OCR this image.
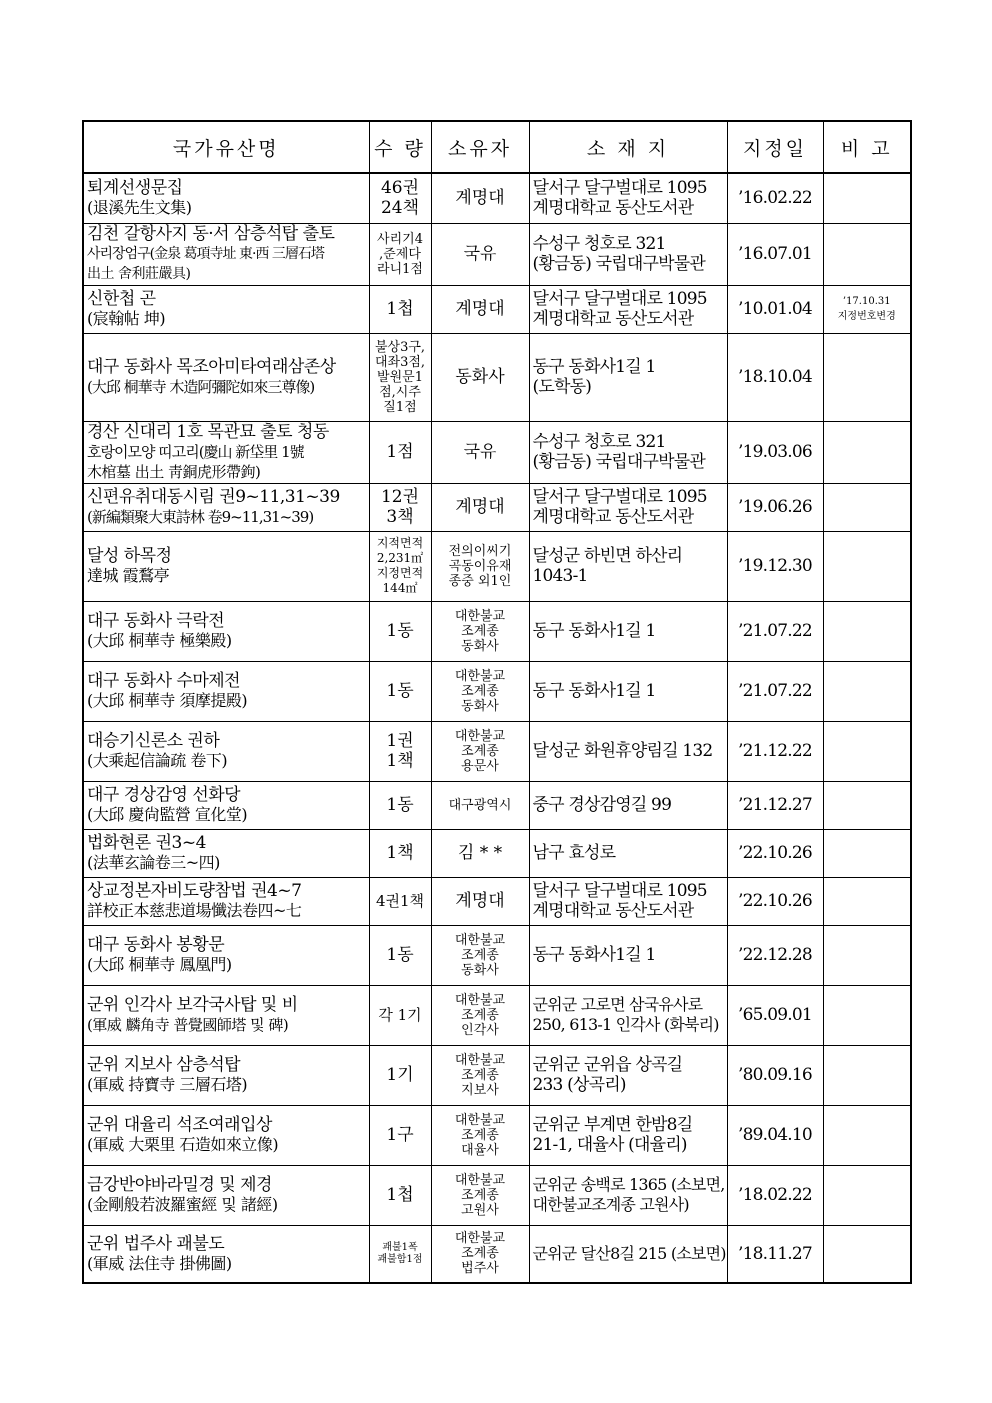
국가유산명	수 량	소유자	소 재 지	지정일	비 고

퇴계선생문집
(退溪先生文集)	46권
24책	계명대	달서구 달구벌대로 1095
계명대학교 동산도서관	’16.02.22	

김천 갈항사지 동·서 삼층석탑 출토
사리장엄구(金泉 葛項寺址 東·西 三層石塔
出土 舍利莊嚴具)	사리기4
,준제다
라니1점	국유	수성구 청호로 321
(황금동) 국립대구박물관	’16.07.01	

신한첩 곤
(宸翰帖 坤)	1첩	계명대	달서구 달구벌대로 1095
계명대학교 동산도서관	’10.01.04	’17.10.31
지정번호변경

대구 동화사 목조아미타여래삼존상
(大邱 桐華寺 木造阿彌陀如來三尊像)	불상3구,
대좌3점,
발원문1
점,시주
질1점	동화사	동구 동화사1길 1
(도학동)	’18.10.04	

경산 신대리 1호 목관묘 출토 청동
호랑이모양 띠고리(慶山 新垈里 1號
木棺墓 出土 靑銅虎形帶鉤)	1점	국유	수성구 청호로 321
(황금동) 국립대구박물관	’19.03.06	

신편유취대동시림 권9~11,31~39
(新編類聚大東詩林 卷9~11,31~39)	12권
3책	계명대	달서구 달구벌대로 1095
계명대학교 동산도서관	’19.06.26	

달성 하목정
達城 霞鶩亭	지적면적
2,231㎡
지정면적
144㎡	전의이씨기
곡동이유재
종중 외1인	달성군 하빈면 하산리
1043-1	’19.12.30	

대구 동화사 극락전
(大邱 桐華寺 極樂殿)	1동	대한불교
조계종
동화사	동구 동화사1길 1	’21.07.22	

대구 동화사 수마제전
(大邱 桐華寺 須摩提殿)	1동	대한불교
조계종
동화사	동구 동화사1길 1	’21.07.22	

대승기신론소 권하
(大乘起信論疏 卷下)	1권
1책	대한불교
조계종
용문사	달성군 화원휴양림길 132	’21.12.22	

대구 경상감영 선화당
(大邱 慶尙監營 宣化堂)	1동	대구광역시	중구 경상감영길 99	’21.12.27	

법화현론 권3~4
(法華玄論卷三~四)	1책	김 * *	남구 효성로	’22.10.26	

상교정본자비도량참법 권4~7
詳校正本慈悲道場懺法卷四~七	4권1책	계명대	달서구 달구벌대로 1095
계명대학교 동산도서관	’22.10.26	

대구 동화사 봉황문
(大邱 桐華寺 鳳凰門)	1동	대한불교
조계종
동화사	동구 동화사1길 1	’22.12.28	

군위 인각사 보각국사탑 및 비
(軍威 麟角寺 普覺國師塔 및 碑)	각 1기	대한불교
조계종
인각사	군위군 고로면 삼국유사로
250, 613-1 인각사 (화북리)	’65.09.01	

군위 지보사 삼층석탑
(軍威 持寶寺 三層石塔)	1기	대한불교
조계종
지보사	군위군 군위읍 상곡길
233 (상곡리)	’80.09.16	

군위 대율리 석조여래입상
(軍威 大栗里 石造如來立像)	1구	대한불교
조계종
대율사	군위군 부계면 한밤8길
21-1, 대율사 (대율리)	’89.04.10	

금강반야바라밀경 및 제경
(金剛般若波羅蜜經 및 諸經)	1첩	대한불교
조계종
고원사	군위군 송백로 1365 (소보면,
대한불교조계종 고원사)	’18.02.22	

군위 법주사 괘불도
(軍威 法住寺 掛佛圖)	괘불1폭
괘불함1점	대한불교
조계종
법주사	군위군 달산8길 215 (소보면)	’18.11.27	
